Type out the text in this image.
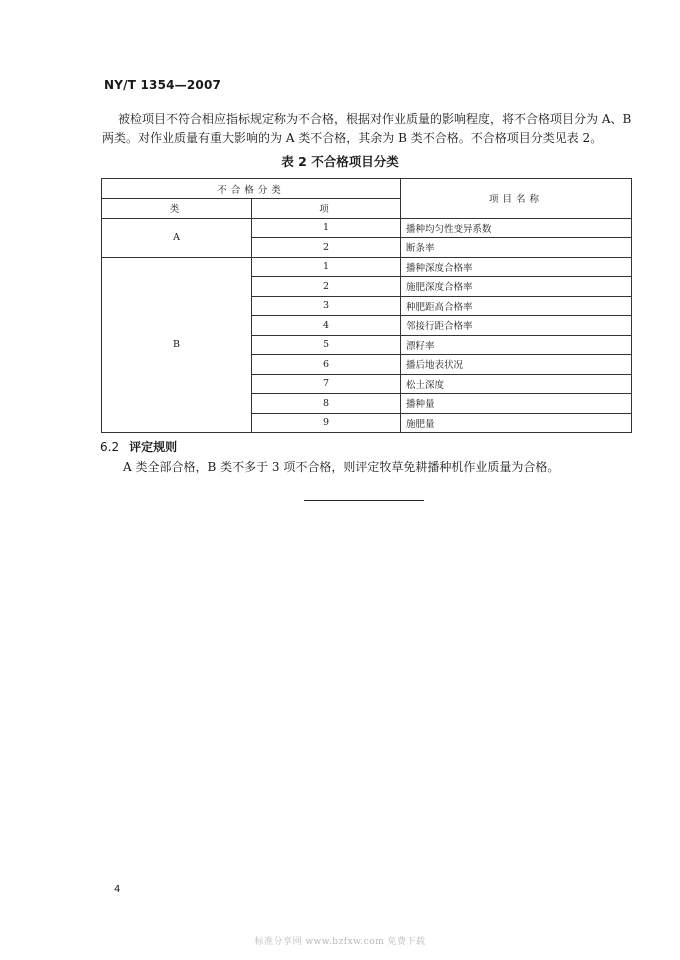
NY/T 1354—2007
被检项目不符合相应指标规定称为不合格，根据对作业质量的影响程度，将不合格项目分为 A、B
两类。对作业质量有重大影响的为 A 类不合格，其余为 B 类不合格。不合格项目分类见表 2。
表 2 不合格项目分类
不合格分类		项目名称
类	项	
A	1	播种均匀性变异系数
	2	断条率
B	1	播种深度合格率
	2	施肥深度合格率
	3	种肥距高合格率
	4	邻接行距合格率
	5	漂籽率
	6	播后地表状况
	7	松土深度
	8	播种量
	9	施肥量
6.2 评定规则
A 类全部合格，B 类不多于 3 项不合格，则评定牧草免耕播种机作业质量为合格。
4
标准分享网 www.bzfxw.com 免费下载
